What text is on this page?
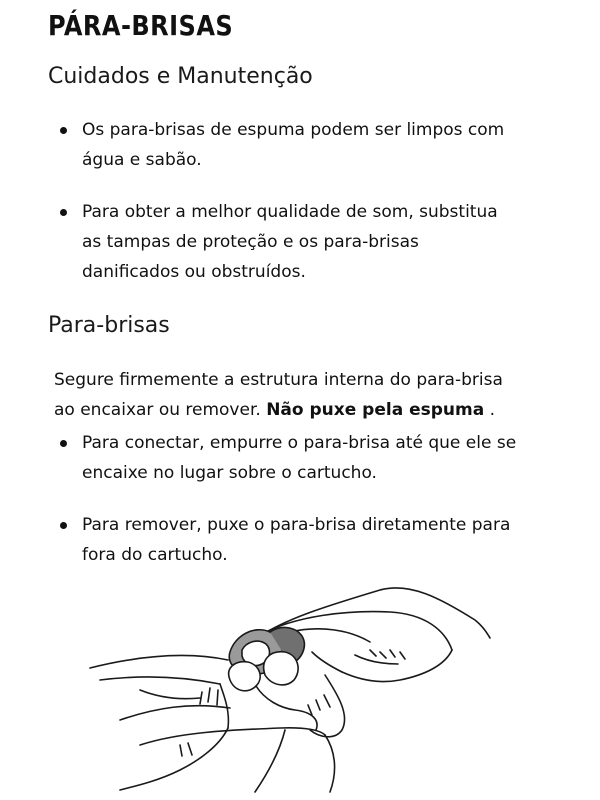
PÁRA-BRISAS
Cuidados e Manutenção
Os para-brisas de espuma podem ser limpos com água e sabão.
Para obter a melhor qualidade de som, substitua as tampas de proteção e os para-brisas danificados ou obstruídos.
Para-brisas

Segure firmemente a estrutura interna do para-brisa ao encaixar ou remover. Não puxe pela espuma .

Para conectar, empurre o para-brisa até que ele se encaixe no lugar sobre o cartucho.
Para remover, puxe o para-brisa diretamente para fora do cartucho.
